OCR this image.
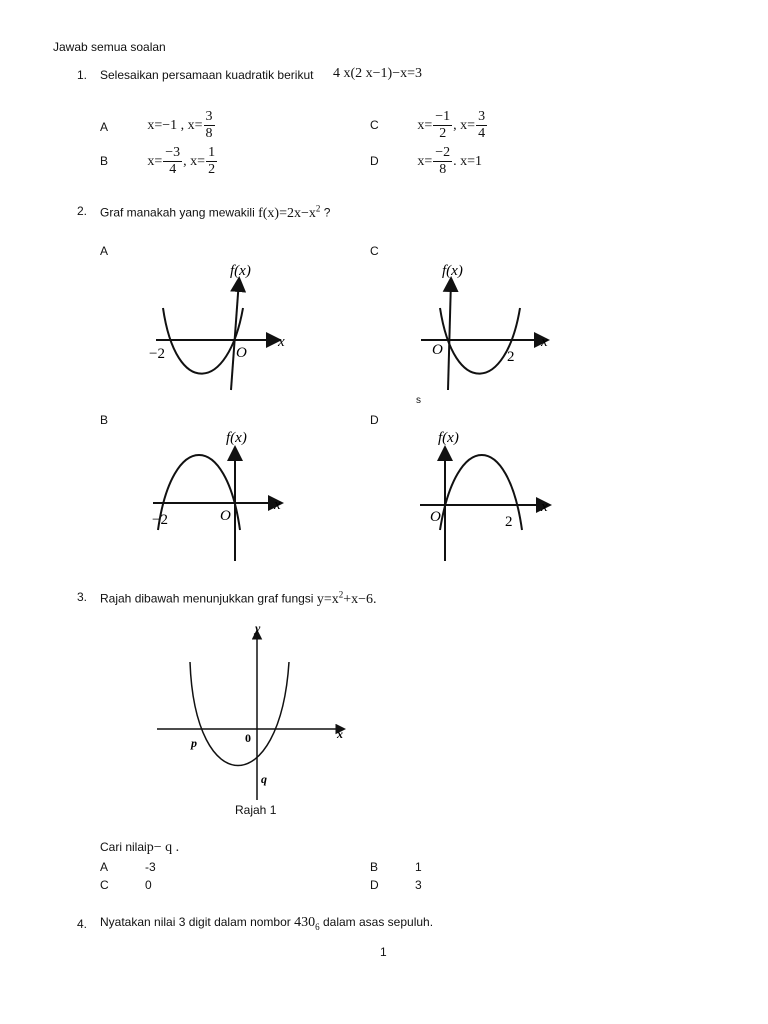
Jawab semua soalan
1. Selesaikan persamaan kuadratik berikut 4 x(2 x−1)−x=3
A	x=−1 , $x= \frac{3}{8}$	C	$x= \frac{-1}{2}$ , $x= \frac{3}{4}$
B	$x= \frac{-3}{4}$ , $x= \frac{1}{2}$	D	$x= \frac{-2}{8}$ . x=1
2. Graf manakah yang mewakili $f(x)=2x-x^2$ ?
A	C
B	D
s
f(x)
x
O
−2
f(x)
x
O	2
f(x)
x
O
−2
f(x)
x
O	2
3. Rajah dibawah menunjukkan graf fungsi $y=x^2+x-6$.
y
x
0
p
q
Rajah 1
Cari nilaip− q .
A	-3	B	1
C	0	D	3
4. Nyatakan nilai 3 digit dalam nombor $430_6$ dalam asas sepuluh.
1
